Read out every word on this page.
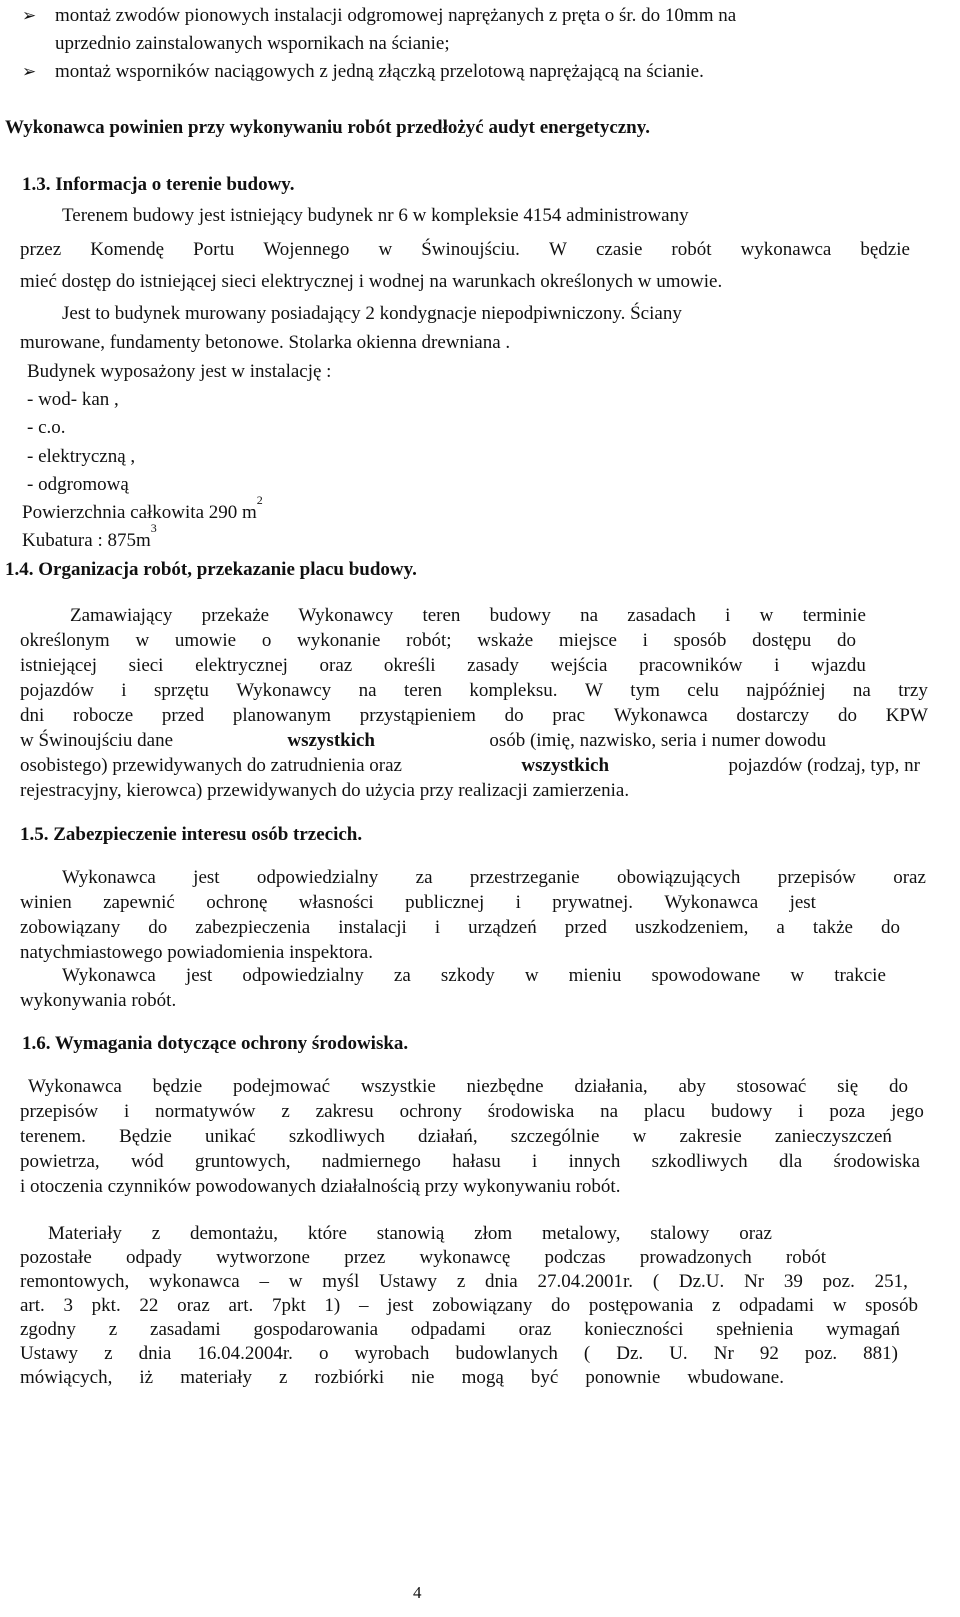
➢ montaż zwodów pionowych instalacji odgromowej naprężanych z pręta o śr. do 10mm na
uprzednio zainstalowanych wspornikach na ścianie;
➢ montaż wsporników naciągowych z jedną złączką przelotową naprężającą na ścianie.
Wykonawca powinien przy wykonywaniu robót przedłożyć audyt energetyczny.
1.3. Informacja o terenie budowy.
Terenem budowy jest istniejący budynek nr 6 w kompleksie 4154 administrowany
przez Komendę Portu Wojennego w Świnoujściu. W czasie robót wykonawca będzie
mieć dostęp do istniejącej sieci elektrycznej i wodnej na warunkach określonych w umowie.
Jest to budynek murowany posiadający 2 kondygnacje niepodpiwniczony. Ściany
murowane, fundamenty betonowe. Stolarka okienna drewniana .
Budynek wyposażony jest w instalację :
- wod- kan ,
- c.o.
- elektryczną ,
- odgromową
Powierzchnia całkowita 290 $m^2$
Kubatura : $875m^3$
1.4. Organizacja robót, przekazanie placu budowy.
Zamawiający przekaże Wykonawcy teren budowy na zasadach i w terminie
określonym w umowie o wykonanie robót; wskaże miejsce i sposób dostępu do
istniejącej sieci elektrycznej oraz określi zasady wejścia pracowników i wjazdu
pojazdów i sprzętu Wykonawcy na teren kompleksu. W tym celu najpóźniej na trzy
dni robocze przed planowanym przystąpieniem do prac Wykonawca dostarczy do KPW
w Świnoujściu dane	wszystkich	osób (imię, nazwisko, seria i numer dowodu
osobistego) przewidywanych do zatrudnienia oraz	wszystkich	pojazdów (rodzaj, typ, nr
rejestracyjny, kierowca) przewidywanych do użycia przy realizacji zamierzenia.
1.5. Zabezpieczenie interesu osób trzecich.
Wykonawca jest odpowiedzialny za przestrzeganie obowiązujących przepisów oraz
winien zapewnić ochronę własności publicznej i prywatnej. Wykonawca jest
zobowiązany do zabezpieczenia instalacji i urządzeń przed uszkodzeniem, a także do
natychmiastowego powiadomienia inspektora.
Wykonawca jest odpowiedzialny za szkody w mieniu spowodowane w trakcie
wykonywania robót.
1.6. Wymagania dotyczące ochrony środowiska.
Wykonawca będzie podejmować wszystkie niezbędne działania, aby stosować się do
przepisów i normatywów z zakresu ochrony środowiska na placu budowy i poza jego
terenem. Będzie unikać szkodliwych działań, szczególnie w zakresie zanieczyszczeń
powietrza, wód gruntowych, nadmiernego hałasu i innych szkodliwych dla środowiska
i otoczenia czynników powodowanych działalnością przy wykonywaniu robót.
Materiały z demontażu, które stanowią złom metalowy, stalowy oraz
pozostałe odpady wytworzone przez wykonawcę podczas prowadzonych robót
remontowych, wykonawca – w myśl Ustawy z dnia 27.04.2001r. ( Dz.U. Nr 39 poz. 251,
art. 3 pkt. 22 oraz art. 7pkt 1) – jest zobowiązany do postępowania z odpadami w sposób
zgodny z zasadami gospodarowania odpadami oraz konieczności spełnienia wymagań
Ustawy z dnia 16.04.2004r. o wyrobach budowlanych ( Dz. U. Nr 92 poz. 881)
mówiących, iż materiały z rozbiórki nie mogą być ponownie wbudowane.
4
